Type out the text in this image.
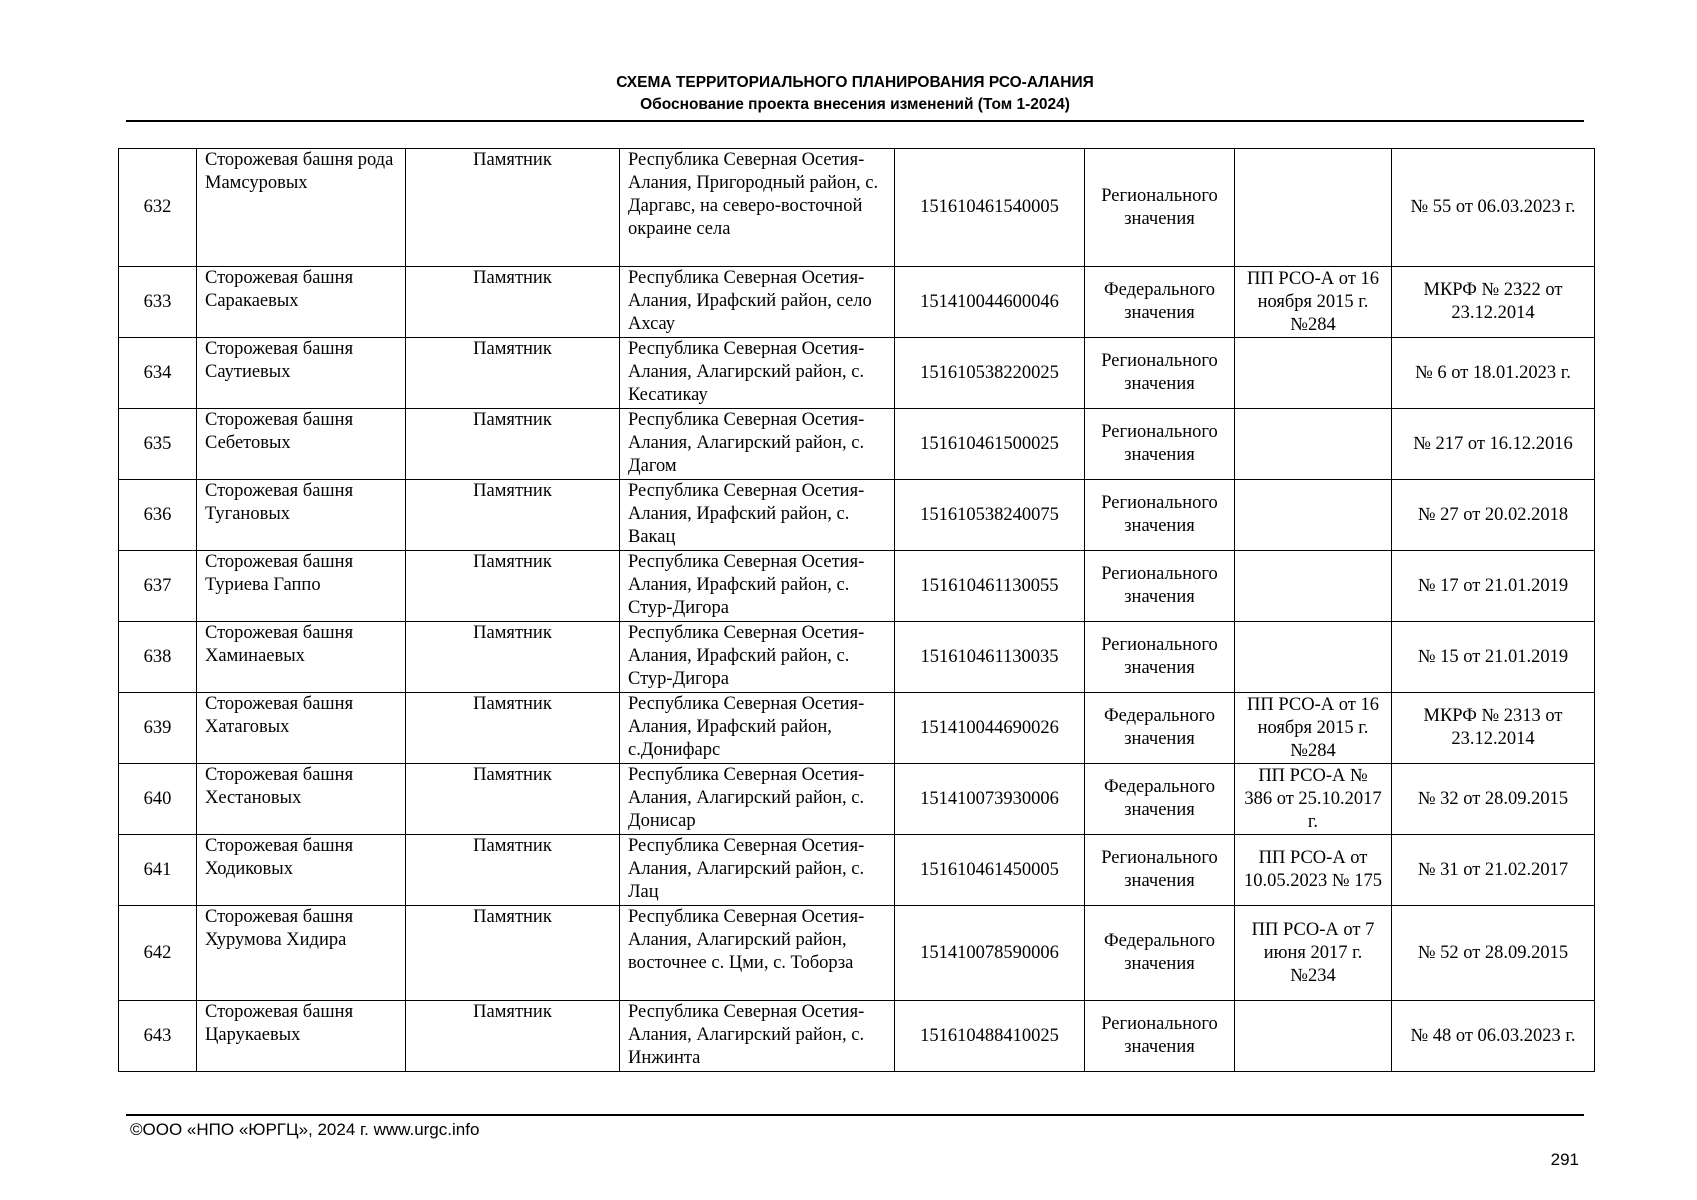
СХЕМА ТЕРРИТОРИАЛЬНОГО ПЛАНИРОВАНИЯ РСО-АЛАНИЯ
Обоснование проекта внесения изменений (Том 1-2024)
632	Сторожевая башня рода Мамсуровых	Памятник	Республика Северная Осетия-Алания, Пригородный район, с. Даргавс, на северо-восточной окраине села	151610461540005	Регионального значения		№ 55 от 06.03.2023 г.
633	Сторожевая башня Саракаевых	Памятник	Республика Северная Осетия-Алания, Ирафский район, село Ахсау	151410044600046	Федерального значения	ПП РСО-А от 16 ноября 2015 г. №284	МКРФ № 2322 от 23.12.2014
634	Сторожевая башня Саутиевых	Памятник	Республика Северная Осетия-Алания, Алагирский район, с. Кесатикау	151610538220025	Регионального значения		№ 6 от 18.01.2023 г.
635	Сторожевая башня Себетовых	Памятник	Республика Северная Осетия-Алания, Алагирский район, с. Дагом	151610461500025	Регионального значения		№ 217 от 16.12.2016
636	Сторожевая башня Тугановых	Памятник	Республика Северная Осетия-Алания, Ирафский район, с. Вакац	151610538240075	Регионального значения		№ 27 от 20.02.2018
637	Сторожевая башня Туриева Гаппо	Памятник	Республика Северная Осетия-Алания, Ирафский район, с. Стур-Дигора	151610461130055	Регионального значения		№ 17 от 21.01.2019
638	Сторожевая башня Хаминаевых	Памятник	Республика Северная Осетия-Алания, Ирафский район, с. Стур-Дигора	151610461130035	Регионального значения		№ 15 от 21.01.2019
639	Сторожевая башня Хатаговых	Памятник	Республика Северная Осетия-Алания, Ирафский район, с.Донифарс	151410044690026	Федерального значения	ПП РСО-А от 16 ноября 2015 г. №284	МКРФ № 2313 от 23.12.2014
640	Сторожевая башня Хестановых	Памятник	Республика Северная Осетия-Алания, Алагирский район, с. Донисар	151410073930006	Федерального значения	ПП РСО-А № 386 от 25.10.2017 г.	№ 32 от 28.09.2015
641	Сторожевая башня Ходиковых	Памятник	Республика Северная Осетия-Алания, Алагирский район, с. Лац	151610461450005	Регионального значения	ПП РСО-А от 10.05.2023 № 175	№ 31 от 21.02.2017
642	Сторожевая башня Хурумова Хидира	Памятник	Республика Северная Осетия-Алания, Алагирский район, восточнее с. Цми, с. Тоборза	151410078590006	Федерального значения	ПП РСО-А от 7 июня 2017 г. №234	№ 52 от 28.09.2015
643	Сторожевая башня Царукаевых	Памятник	Республика Северная Осетия-Алания, Алагирский район, с. Инжинта	151610488410025	Регионального значения		№ 48 от 06.03.2023 г.
©ООО «НПО «ЮРГЦ», 2024 г. www.urgc.info
291
